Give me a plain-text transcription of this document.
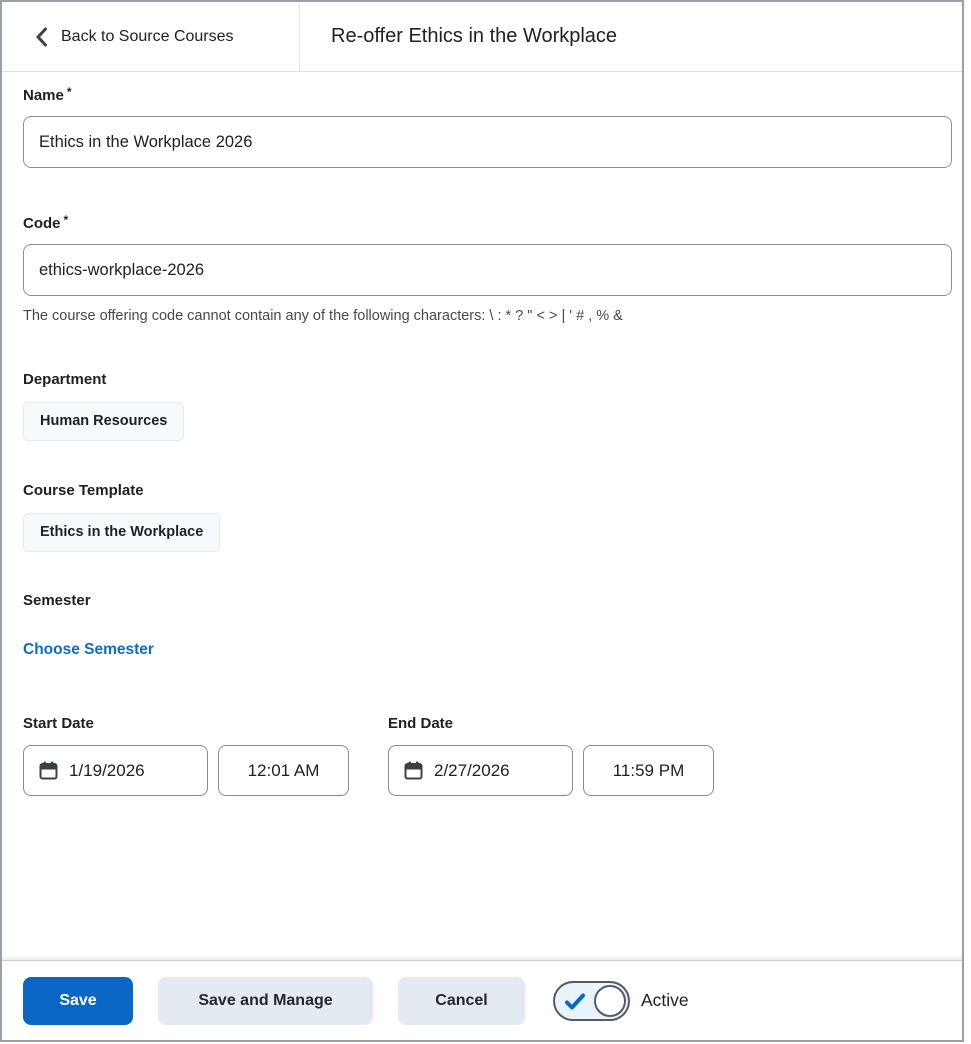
Back to Source Courses	Re-offer Ethics in the Workplace
Name *
Ethics in the Workplace 2026
Code *
ethics-workplace-2026
The course offering code cannot contain any of the following characters: \ : * ? " < > | ' # , % &
Department
Human Resources
Course Template
Ethics in the Workplace
Semester
Choose Semester
Start Date
1/19/2026	12:01 AM
End Date
2/27/2026	11:59 PM
Save	Save and Manage	Cancel	Active
